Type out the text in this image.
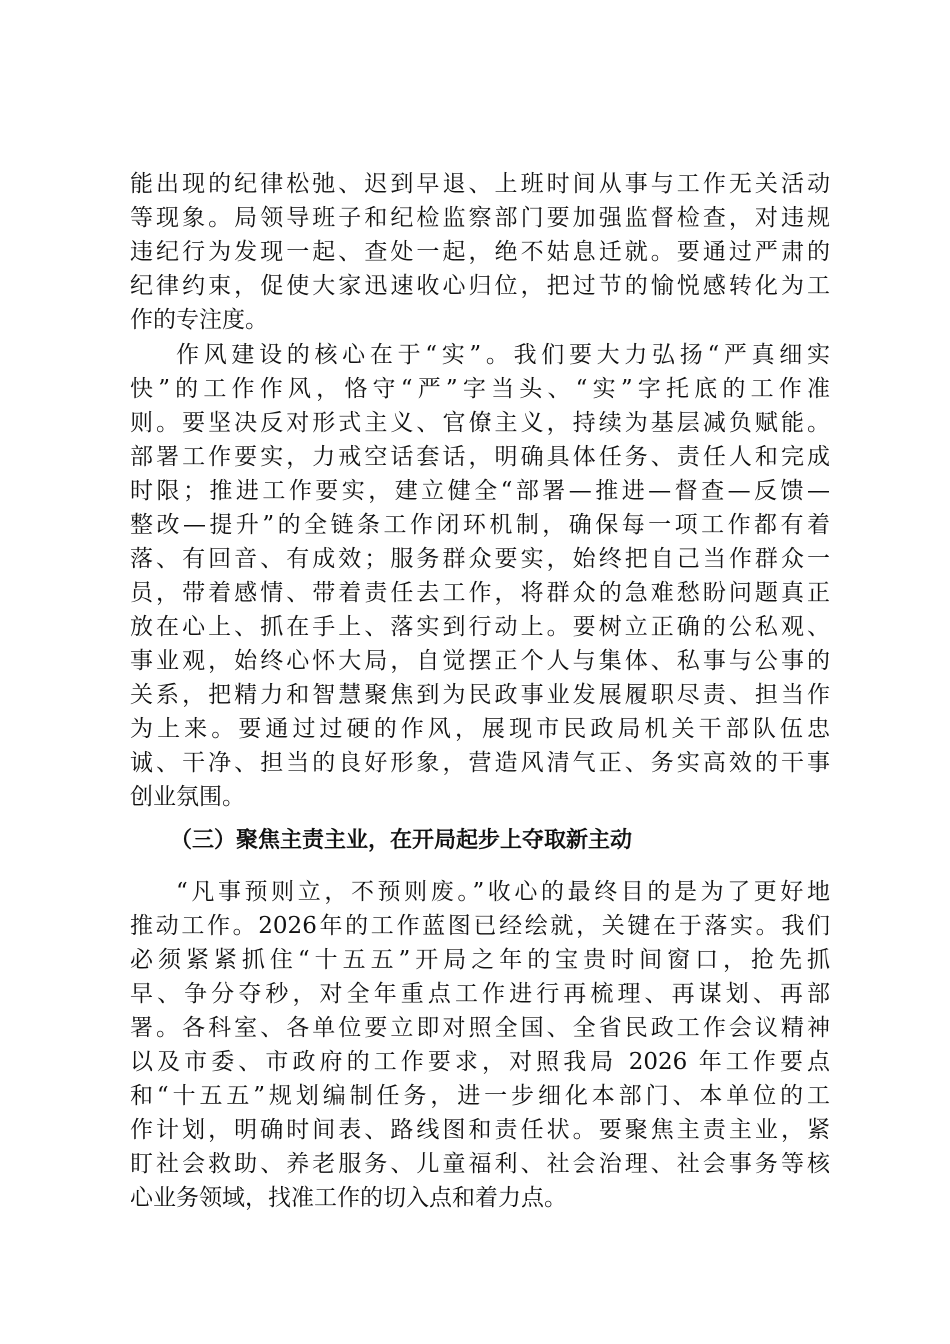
能出现的纪律松弛、迟到早退、上班时间从事与工作无关活动
等现象。局领导班子和纪检监察部门要加强监督检查，对违规
违纪行为发现一起、查处一起，绝不姑息迁就。要通过严肃的
纪律约束，促使大家迅速收心归位，把过节的愉悦感转化为工
作的专注度。
作风建设的核心在于“实”。我们要大力弘扬“严真细实
快”的工作作风，恪守“严”字当头、“实”字托底的工作准
则。要坚决反对形式主义、官僚主义，持续为基层减负赋能。
部署工作要实，力戒空话套话，明确具体任务、责任人和完成
时限；推进工作要实，建立健全“部署—推进—督查—反馈—
整改—提升”的全链条工作闭环机制，确保每一项工作都有着
落、有回音、有成效；服务群众要实，始终把自己当作群众一
员，带着感情、带着责任去工作，将群众的急难愁盼问题真正
放在心上、抓在手上、落实到行动上。要树立正确的公私观、
事业观，始终心怀大局，自觉摆正个人与集体、私事与公事的
关系，把精力和智慧聚焦到为民政事业发展履职尽责、担当作
为上来。要通过过硬的作风，展现市民政局机关干部队伍忠
诚、干净、担当的良好形象，营造风清气正、务实高效的干事
创业氛围。
（三）聚焦主责主业，在开局起步上夺取新主动
“凡事预则立，不预则废。”收心的最终目的是为了更好地
推动工作。2026年的工作蓝图已经绘就，关键在于落实。我们
必须紧紧抓住“十五五”开局之年的宝贵时间窗口，抢先抓
早、争分夺秒，对全年重点工作进行再梳理、再谋划、再部
署。各科室、各单位要立即对照全国、全省民政工作会议精神
以及市委、市政府的工作要求，对照我局 2026 年工作要点
和“十五五”规划编制任务，进一步细化本部门、本单位的工
作计划，明确时间表、路线图和责任状。要聚焦主责主业，紧
盯社会救助、养老服务、儿童福利、社会治理、社会事务等核
心业务领域，找准工作的切入点和着力点。
